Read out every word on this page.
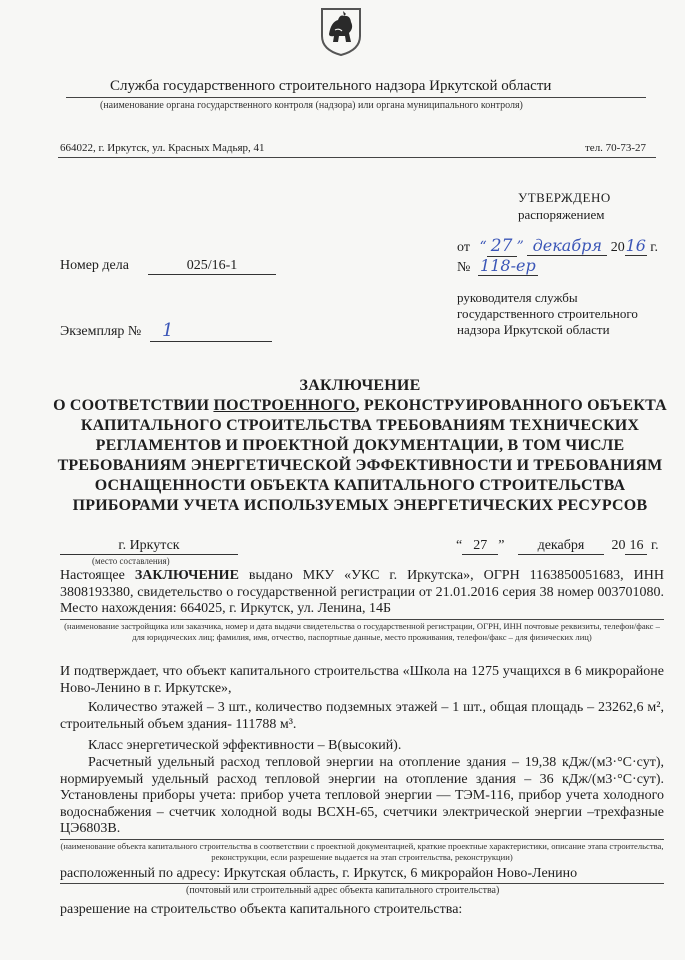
Служба государственного строительного надзора Иркутской области
(наименование органа государственного контроля (надзора) или органа муниципального контроля)
664022, г. Иркутск, ул. Красных Мадьяр, 41	тел. 70-73-27
УТВЕРЖДЕНО
распоряжением
от “ 27 ” декабря 2016 г.
№ 118-ер
руководителя службы
государственного строительного
надзора Иркутской области
Номер дела	025/16-1
Экземпляр №	1
ЗАКЛЮЧЕНИЕ
О СООТВЕТСТВИИ ПОСТРОЕННОГО, РЕКОНСТРУИРОВАННОГО ОБЪЕКТА
КАПИТАЛЬНОГО СТРОИТЕЛЬСТВА ТРЕБОВАНИЯМ ТЕХНИЧЕСКИХ
РЕГЛАМЕНТОВ И ПРОЕКТНОЙ ДОКУМЕНТАЦИИ, В ТОМ ЧИСЛЕ
ТРЕБОВАНИЯМ ЭНЕРГЕТИЧЕСКОЙ ЭФФЕКТИВНОСТИ И ТРЕБОВАНИЯМ
ОСНАЩЕННОСТИ ОБЪЕКТА КАПИТАЛЬНОГО СТРОИТЕЛЬСТВА
ПРИБОРАМИ УЧЕТА ИСПОЛЬЗУЕМЫХ ЭНЕРГЕТИЧЕСКИХ РЕСУРСОВ
г. Иркутск
(место составления)
“ 27 ” декабря 20 16 г.
Настоящее ЗАКЛЮЧЕНИЕ выдано МКУ «УКС г. Иркутска», ОГРН 1163850051683, ИНН 3808193380, свидетельство о государственной регистрации от 21.01.2016 серия 38 номер 003701080. Место нахождения: 664025, г. Иркутск, ул. Ленина, 14Б
(наименование застройщика или заказчика, номер и дата выдачи свидетельства о государственной регистрации, ОГРН, ИНН почтовые реквизиты, телефон/факс – для юридических лиц; фамилия, имя, отчество, паспортные данные, место проживания, телефон/факс – для физических лиц)
И подтверждает, что объект капитального строительства «Школа на 1275 учащихся в 6 микрорайоне Ново-Ленино в г. Иркутске»,
Количество этажей – 3 шт., количество подземных этажей – 1 шт., общая площадь – 23262,6 м², строительный объем здания- 111788 м³.
Класс энергетической эффективности – В(высокий).
Расчетный удельный расход тепловой энергии на отопление здания – 19,38 кДж/(м3·°С·сут), нормируемый удельный расход тепловой энергии на отопление здания – 36 кДж/(м3·°С·сут). Установлены приборы учета: прибор учета тепловой энергии — ТЭМ-116, прибор учета холодного водоснабжения – счетчик холодной воды ВСХН-65, счетчики электрической энергии –трехфазные ЦЭ6803В.
(наименование объекта капитального строительства в соответствии с проектной документацией, краткие проектные характеристики, описание этапа строительства, реконструкции, если разрешение выдается на этап строительства, реконструкции)
расположенный по адресу: Иркутская область, г. Иркутск, 6 микрорайон Ново-Ленино
(почтовый или строительный адрес объекта капитального строительства)
разрешение на строительство объекта капитального строительства:
